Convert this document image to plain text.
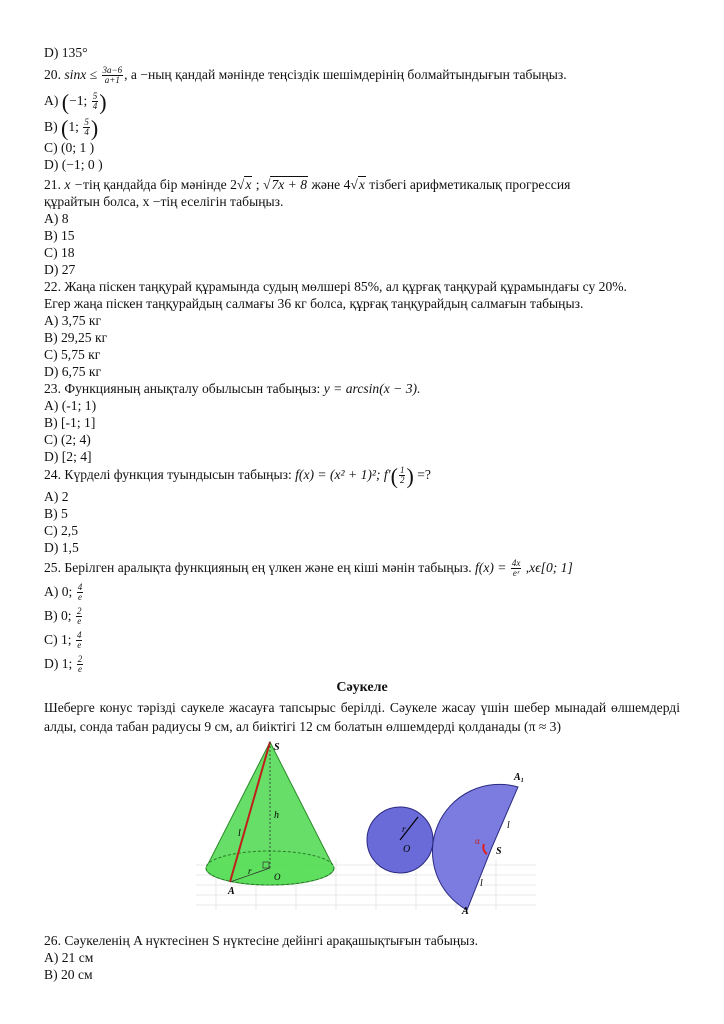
D) 135°
20. $\sin x \le \frac{3a-6}{a+1}$ , a −ның қандай мәнінде теңсіздік шешімдерінің болмайтындығын табыңыз.
A) (−1; $\frac{5}{4}$ )
B) (1; $\frac{5}{4}$ )
C) (0; 1 )
D) (−1; 0 )
21. x −тің қандайда бір мәнінде 2√x ; √7x + 8 және 4√x тізбегі арифметикалық прогрессия
құрайтын болса, x −тің еселігін табыңыз.
A) 8
B) 15
C) 18
D) 27
22. Жаңа піскен таңқурай құрамында судың мөлшері 85%, ал құрғақ таңқурай құрамындағы су 20%.
Егер жаңа піскен таңқурайдың салмағы 36 кг болса, құрғақ таңқурайдың салмағын табыңыз.
A) 3,75 кг
B) 29,25 кг
C) 5,75 кг
D) 6,75 кг
23. Функцияның анықталу обылысын табыңыз: y = arcsin(x − 3).
A) (-1; 1)
B) [-1; 1]
C) (2; 4)
D) [2; 4]
24. Күрделі функция туындысын табыңыз: f(x) = (x² + 1)²; $f'( \frac{1}{2}$ ) =?
A) 2
B) 5
C) 2,5
D) 1,5
25. Берілген аралықта функцияның ең үлкен және ең кіші мәнін табыңыз. $f(x) = \frac{4x}{\text{eˣ}} ,x\epsilon[0$; 1]
A) 0; $\frac{4}{e}$
B) 0; $\frac{2}{e}$
C) 1; $\frac{4}{e}$
D) 1; $\frac{2}{e}$
Сәукеле
Шеберге конус тәрізді саукеле жасауға тапсырыс берілді. Сәукеле жасау үшін шебер мынадай өлшемдерді алды, сонда табан радиусы 9 см, ал биіктігі 12 см болатын өлшемдерді қолданады (π ≈ 3)
S
h
l
r
O
A
O
r
A₁
α
S
l
l
A
26. Сәукеленің A нүктесінен S нүктесіне дейінгі арақашықтығын табыңыз.
A) 21 см
B) 20 см
